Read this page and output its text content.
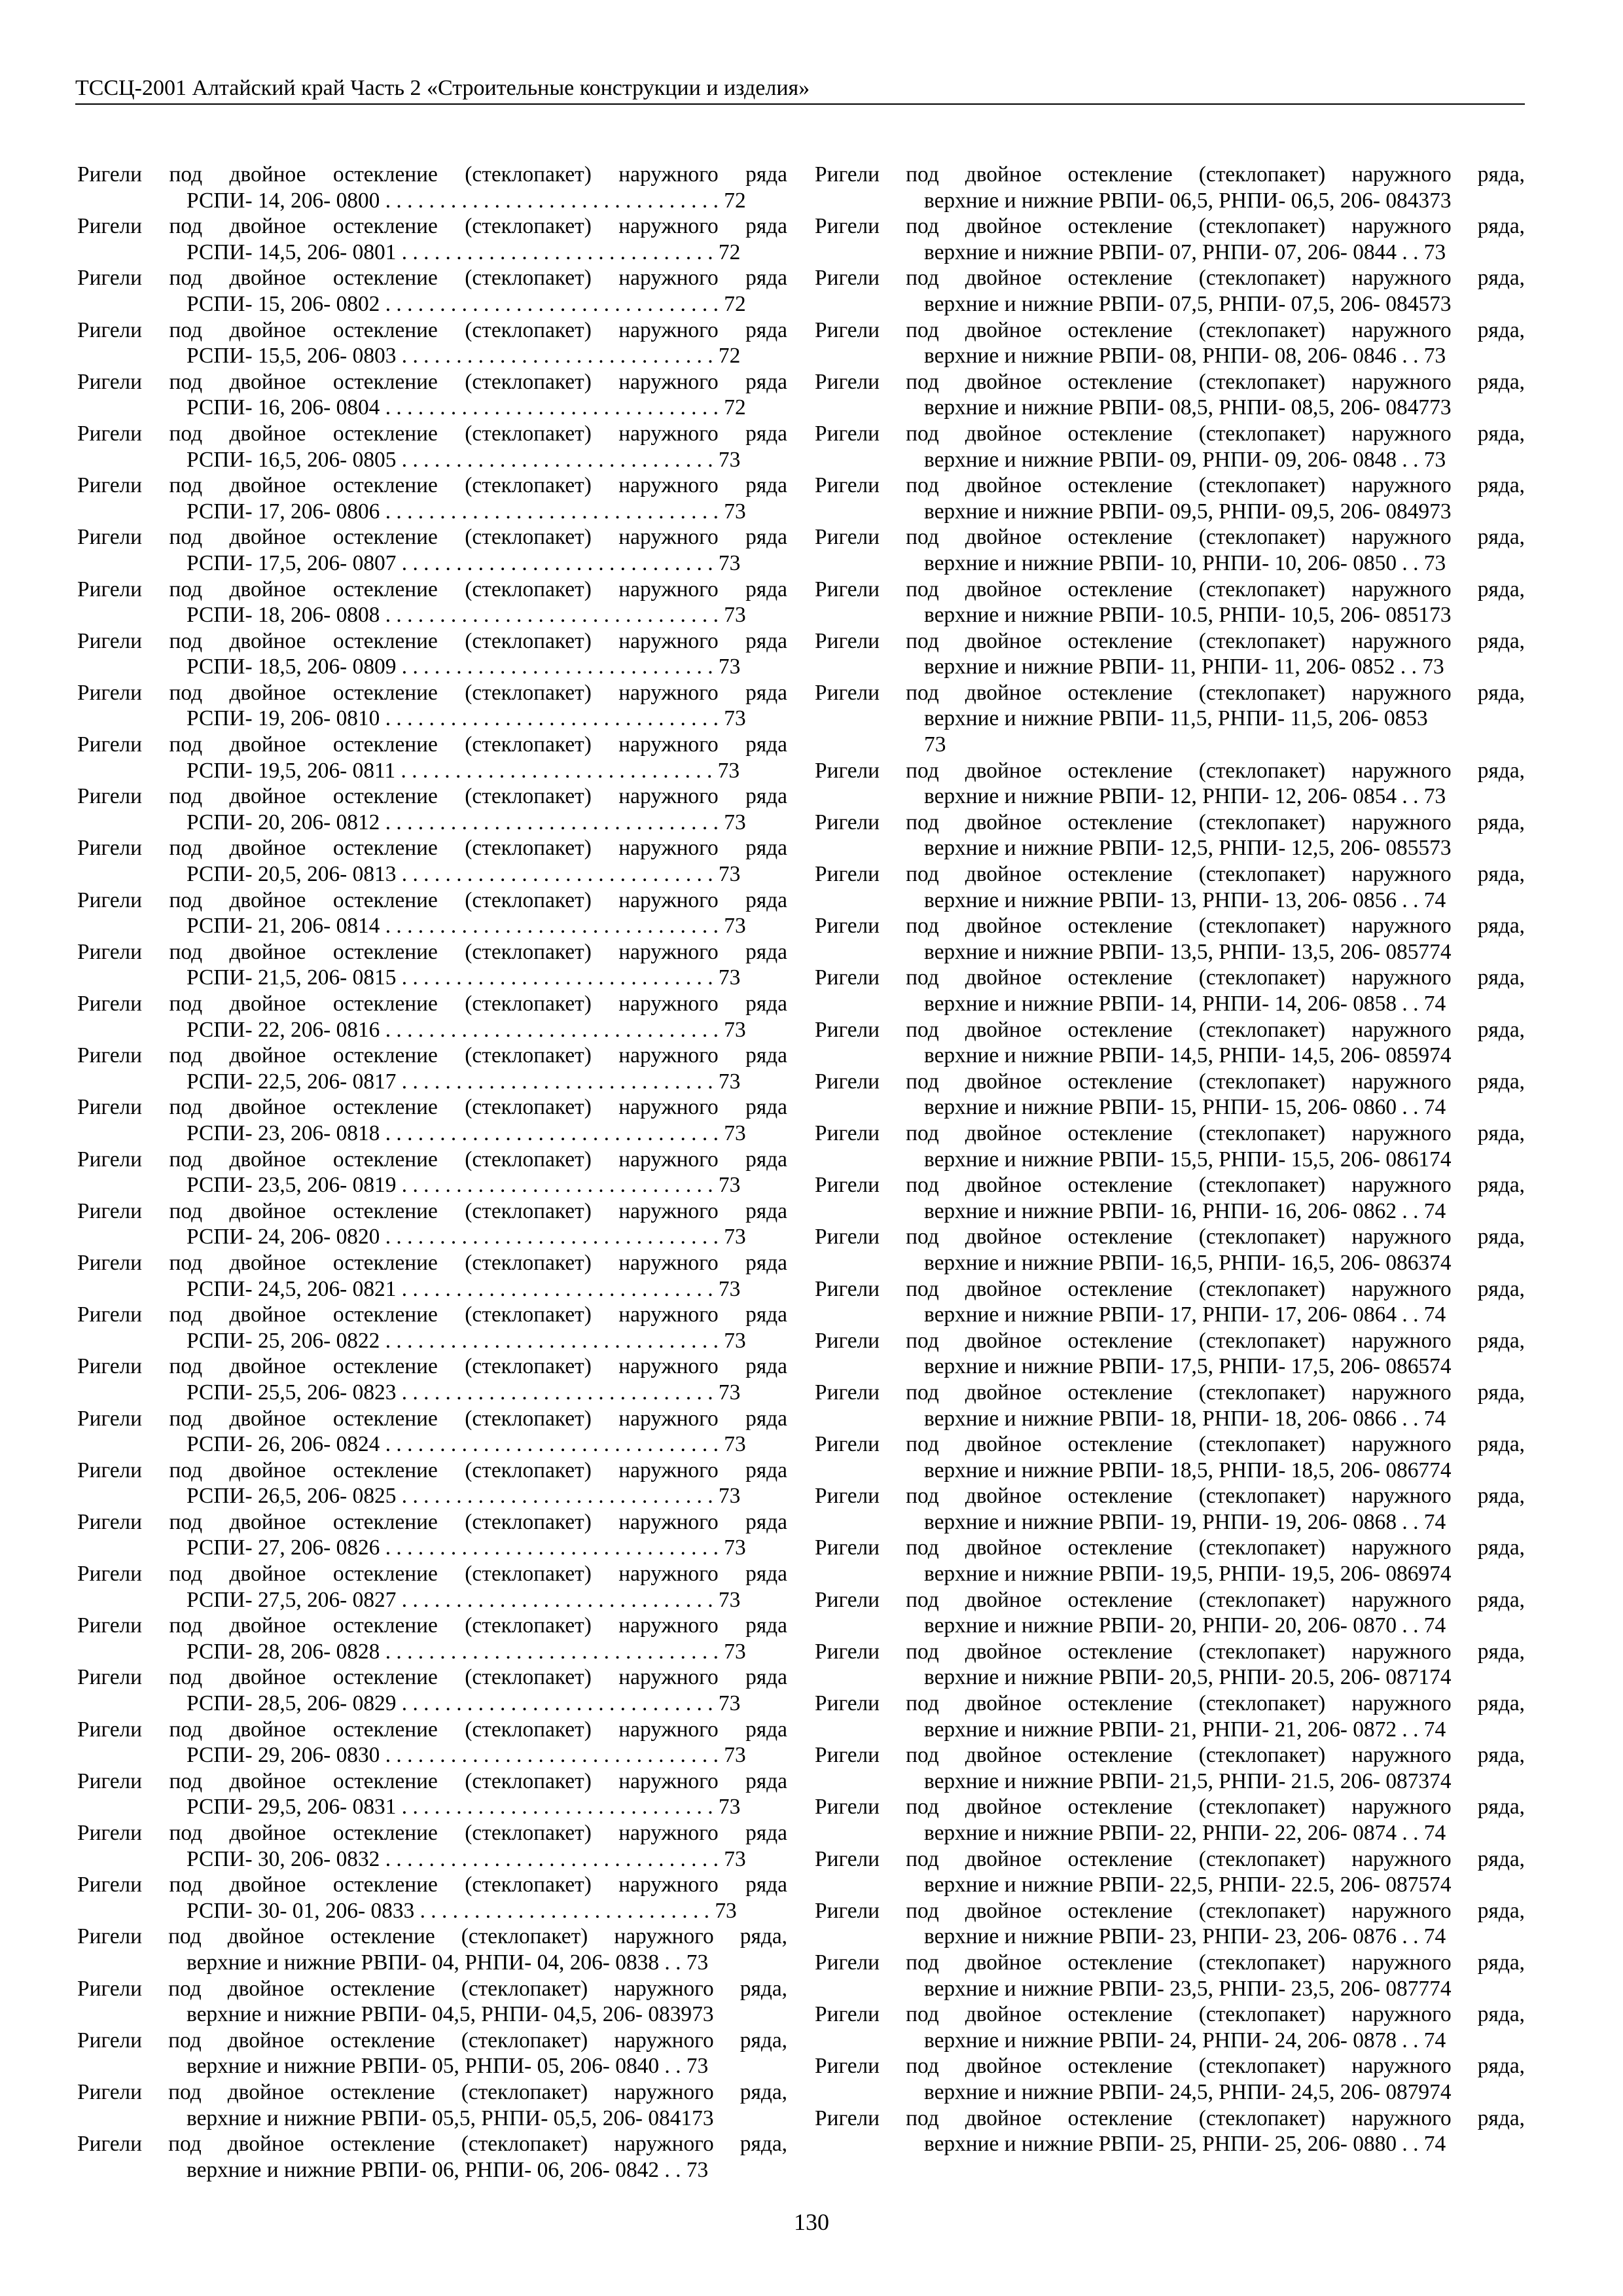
ТССЦ-2001 Алтайский край Часть 2 «Строительные конструкции и изделия»
Ригели под двойное остекление (стеклопакет) наружного ряда
РСПИ- 14, 206- 0800 . . . . . . . . . . . . . . . . . . . . . . . . . . . . . . . 72
Ригели под двойное остекление (стеклопакет) наружного ряда
РСПИ- 14,5, 206- 0801 . . . . . . . . . . . . . . . . . . . . . . . . . . . . . 72
Ригели под двойное остекление (стеклопакет) наружного ряда
РСПИ- 15, 206- 0802 . . . . . . . . . . . . . . . . . . . . . . . . . . . . . . . 72
Ригели под двойное остекление (стеклопакет) наружного ряда
РСПИ- 15,5, 206- 0803 . . . . . . . . . . . . . . . . . . . . . . . . . . . . . 72
Ригели под двойное остекление (стеклопакет) наружного ряда
РСПИ- 16, 206- 0804 . . . . . . . . . . . . . . . . . . . . . . . . . . . . . . . 72
Ригели под двойное остекление (стеклопакет) наружного ряда
РСПИ- 16,5, 206- 0805 . . . . . . . . . . . . . . . . . . . . . . . . . . . . . 73
Ригели под двойное остекление (стеклопакет) наружного ряда
РСПИ- 17, 206- 0806 . . . . . . . . . . . . . . . . . . . . . . . . . . . . . . . 73
Ригели под двойное остекление (стеклопакет) наружного ряда
РСПИ- 17,5, 206- 0807 . . . . . . . . . . . . . . . . . . . . . . . . . . . . . 73
Ригели под двойное остекление (стеклопакет) наружного ряда
РСПИ- 18, 206- 0808 . . . . . . . . . . . . . . . . . . . . . . . . . . . . . . . 73
Ригели под двойное остекление (стеклопакет) наружного ряда
РСПИ- 18,5, 206- 0809 . . . . . . . . . . . . . . . . . . . . . . . . . . . . . 73
Ригели под двойное остекление (стеклопакет) наружного ряда
РСПИ- 19, 206- 0810 . . . . . . . . . . . . . . . . . . . . . . . . . . . . . . . 73
Ригели под двойное остекление (стеклопакет) наружного ряда
РСПИ- 19,5, 206- 0811 . . . . . . . . . . . . . . . . . . . . . . . . . . . . . 73
Ригели под двойное остекление (стеклопакет) наружного ряда
РСПИ- 20, 206- 0812 . . . . . . . . . . . . . . . . . . . . . . . . . . . . . . . 73
Ригели под двойное остекление (стеклопакет) наружного ряда
РСПИ- 20,5, 206- 0813 . . . . . . . . . . . . . . . . . . . . . . . . . . . . . 73
Ригели под двойное остекление (стеклопакет) наружного ряда
РСПИ- 21, 206- 0814 . . . . . . . . . . . . . . . . . . . . . . . . . . . . . . . 73
Ригели под двойное остекление (стеклопакет) наружного ряда
РСПИ- 21,5, 206- 0815 . . . . . . . . . . . . . . . . . . . . . . . . . . . . . 73
Ригели под двойное остекление (стеклопакет) наружного ряда
РСПИ- 22, 206- 0816 . . . . . . . . . . . . . . . . . . . . . . . . . . . . . . . 73
Ригели под двойное остекление (стеклопакет) наружного ряда
РСПИ- 22,5, 206- 0817 . . . . . . . . . . . . . . . . . . . . . . . . . . . . . 73
Ригели под двойное остекление (стеклопакет) наружного ряда
РСПИ- 23, 206- 0818 . . . . . . . . . . . . . . . . . . . . . . . . . . . . . . . 73
Ригели под двойное остекление (стеклопакет) наружного ряда
РСПИ- 23,5, 206- 0819 . . . . . . . . . . . . . . . . . . . . . . . . . . . . . 73
Ригели под двойное остекление (стеклопакет) наружного ряда
РСПИ- 24, 206- 0820 . . . . . . . . . . . . . . . . . . . . . . . . . . . . . . . 73
Ригели под двойное остекление (стеклопакет) наружного ряда
РСПИ- 24,5, 206- 0821 . . . . . . . . . . . . . . . . . . . . . . . . . . . . . 73
Ригели под двойное остекление (стеклопакет) наружного ряда
РСПИ- 25, 206- 0822 . . . . . . . . . . . . . . . . . . . . . . . . . . . . . . . 73
Ригели под двойное остекление (стеклопакет) наружного ряда
РСПИ- 25,5, 206- 0823 . . . . . . . . . . . . . . . . . . . . . . . . . . . . . 73
Ригели под двойное остекление (стеклопакет) наружного ряда
РСПИ- 26, 206- 0824 . . . . . . . . . . . . . . . . . . . . . . . . . . . . . . . 73
Ригели под двойное остекление (стеклопакет) наружного ряда
РСПИ- 26,5, 206- 0825 . . . . . . . . . . . . . . . . . . . . . . . . . . . . . 73
Ригели под двойное остекление (стеклопакет) наружного ряда
РСПИ- 27, 206- 0826 . . . . . . . . . . . . . . . . . . . . . . . . . . . . . . . 73
Ригели под двойное остекление (стеклопакет) наружного ряда
РСПИ- 27,5, 206- 0827 . . . . . . . . . . . . . . . . . . . . . . . . . . . . . 73
Ригели под двойное остекление (стеклопакет) наружного ряда
РСПИ- 28, 206- 0828 . . . . . . . . . . . . . . . . . . . . . . . . . . . . . . . 73
Ригели под двойное остекление (стеклопакет) наружного ряда
РСПИ- 28,5, 206- 0829 . . . . . . . . . . . . . . . . . . . . . . . . . . . . . 73
Ригели под двойное остекление (стеклопакет) наружного ряда
РСПИ- 29, 206- 0830 . . . . . . . . . . . . . . . . . . . . . . . . . . . . . . . 73
Ригели под двойное остекление (стеклопакет) наружного ряда
РСПИ- 29,5, 206- 0831 . . . . . . . . . . . . . . . . . . . . . . . . . . . . . 73
Ригели под двойное остекление (стеклопакет) наружного ряда
РСПИ- 30, 206- 0832 . . . . . . . . . . . . . . . . . . . . . . . . . . . . . . . 73
Ригели под двойное остекление (стеклопакет) наружного ряда
РСПИ- 30- 01, 206- 0833 . . . . . . . . . . . . . . . . . . . . . . . . . . . 73
Ригели под двойное остекление (стеклопакет) наружного ряда,
верхние и нижние РВПИ- 04, РНПИ- 04, 206- 0838 . . 73
Ригели под двойное остекление (стеклопакет) наружного ряда,
верхние и нижние РВПИ- 04,5, РНПИ- 04,5, 206- 083973
Ригели под двойное остекление (стеклопакет) наружного ряда,
верхние и нижние РВПИ- 05, РНПИ- 05, 206- 0840 . . 73
Ригели под двойное остекление (стеклопакет) наружного ряда,
верхние и нижние РВПИ- 05,5, РНПИ- 05,5, 206- 084173
Ригели под двойное остекление (стеклопакет) наружного ряда,
верхние и нижние РВПИ- 06, РНПИ- 06, 206- 0842 . . 73
Ригели под двойное остекление (стеклопакет) наружного ряда,
верхние и нижние РВПИ- 06,5, РНПИ- 06,5, 206- 084373
Ригели под двойное остекление (стеклопакет) наружного ряда,
верхние и нижние РВПИ- 07, РНПИ- 07, 206- 0844 . . 73
Ригели под двойное остекление (стеклопакет) наружного ряда,
верхние и нижние РВПИ- 07,5, РНПИ- 07,5, 206- 084573
Ригели под двойное остекление (стеклопакет) наружного ряда,
верхние и нижние РВПИ- 08, РНПИ- 08, 206- 0846 . . 73
Ригели под двойное остекление (стеклопакет) наружного ряда,
верхние и нижние РВПИ- 08,5, РНПИ- 08,5, 206- 084773
Ригели под двойное остекление (стеклопакет) наружного ряда,
верхние и нижние РВПИ- 09, РНПИ- 09, 206- 0848 . . 73
Ригели под двойное остекление (стеклопакет) наружного ряда,
верхние и нижние РВПИ- 09,5, РНПИ- 09,5, 206- 084973
Ригели под двойное остекление (стеклопакет) наружного ряда,
верхние и нижние РВПИ- 10, РНПИ- 10, 206- 0850 . . 73
Ригели под двойное остекление (стеклопакет) наружного ряда,
верхние и нижние РВПИ- 10.5, РНПИ- 10,5, 206- 085173
Ригели под двойное остекление (стеклопакет) наружного ряда,
верхние и нижние РВПИ- 11, РНПИ- 11, 206- 0852 . . 73
Ригели под двойное остекление (стеклопакет) наружного ряда,
верхние и нижние РВПИ- 11,5, РНПИ- 11,5, 206- 0853
73
Ригели под двойное остекление (стеклопакет) наружного ряда,
верхние и нижние РВПИ- 12, РНПИ- 12, 206- 0854 . . 73
Ригели под двойное остекление (стеклопакет) наружного ряда,
верхние и нижние РВПИ- 12,5, РНПИ- 12,5, 206- 085573
Ригели под двойное остекление (стеклопакет) наружного ряда,
верхние и нижние РВПИ- 13, РНПИ- 13, 206- 0856 . . 74
Ригели под двойное остекление (стеклопакет) наружного ряда,
верхние и нижние РВПИ- 13,5, РНПИ- 13,5, 206- 085774
Ригели под двойное остекление (стеклопакет) наружного ряда,
верхние и нижние РВПИ- 14, РНПИ- 14, 206- 0858 . . 74
Ригели под двойное остекление (стеклопакет) наружного ряда,
верхние и нижние РВПИ- 14,5, РНПИ- 14,5, 206- 085974
Ригели под двойное остекление (стеклопакет) наружного ряда,
верхние и нижние РВПИ- 15, РНПИ- 15, 206- 0860 . . 74
Ригели под двойное остекление (стеклопакет) наружного ряда,
верхние и нижние РВПИ- 15,5, РНПИ- 15,5, 206- 086174
Ригели под двойное остекление (стеклопакет) наружного ряда,
верхние и нижние РВПИ- 16, РНПИ- 16, 206- 0862 . . 74
Ригели под двойное остекление (стеклопакет) наружного ряда,
верхние и нижние РВПИ- 16,5, РНПИ- 16,5, 206- 086374
Ригели под двойное остекление (стеклопакет) наружного ряда,
верхние и нижние РВПИ- 17, РНПИ- 17, 206- 0864 . . 74
Ригели под двойное остекление (стеклопакет) наружного ряда,
верхние и нижние РВПИ- 17,5, РНПИ- 17,5, 206- 086574
Ригели под двойное остекление (стеклопакет) наружного ряда,
верхние и нижние РВПИ- 18, РНПИ- 18, 206- 0866 . . 74
Ригели под двойное остекление (стеклопакет) наружного ряда,
верхние и нижние РВПИ- 18,5, РНПИ- 18,5, 206- 086774
Ригели под двойное остекление (стеклопакет) наружного ряда,
верхние и нижние РВПИ- 19, РНПИ- 19, 206- 0868 . . 74
Ригели под двойное остекление (стеклопакет) наружного ряда,
верхние и нижние РВПИ- 19,5, РНПИ- 19,5, 206- 086974
Ригели под двойное остекление (стеклопакет) наружного ряда,
верхние и нижние РВПИ- 20, РНПИ- 20, 206- 0870 . . 74
Ригели под двойное остекление (стеклопакет) наружного ряда,
верхние и нижние РВПИ- 20,5, РНПИ- 20.5, 206- 087174
Ригели под двойное остекление (стеклопакет) наружного ряда,
верхние и нижние РВПИ- 21, РНПИ- 21, 206- 0872 . . 74
Ригели под двойное остекление (стеклопакет) наружного ряда,
верхние и нижние РВПИ- 21,5, РНПИ- 21.5, 206- 087374
Ригели под двойное остекление (стеклопакет) наружного ряда,
верхние и нижние РВПИ- 22, РНПИ- 22, 206- 0874 . . 74
Ригели под двойное остекление (стеклопакет) наружного ряда,
верхние и нижние РВПИ- 22,5, РНПИ- 22.5, 206- 087574
Ригели под двойное остекление (стеклопакет) наружного ряда,
верхние и нижние РВПИ- 23, РНПИ- 23, 206- 0876 . . 74
Ригели под двойное остекление (стеклопакет) наружного ряда,
верхние и нижние РВПИ- 23,5, РНПИ- 23,5, 206- 087774
Ригели под двойное остекление (стеклопакет) наружного ряда,
верхние и нижние РВПИ- 24, РНПИ- 24, 206- 0878 . . 74
Ригели под двойное остекление (стеклопакет) наружного ряда,
верхние и нижние РВПИ- 24,5, РНПИ- 24,5, 206- 087974
Ригели под двойное остекление (стеклопакет) наружного ряда,
верхние и нижние РВПИ- 25, РНПИ- 25, 206- 0880 . . 74
130
